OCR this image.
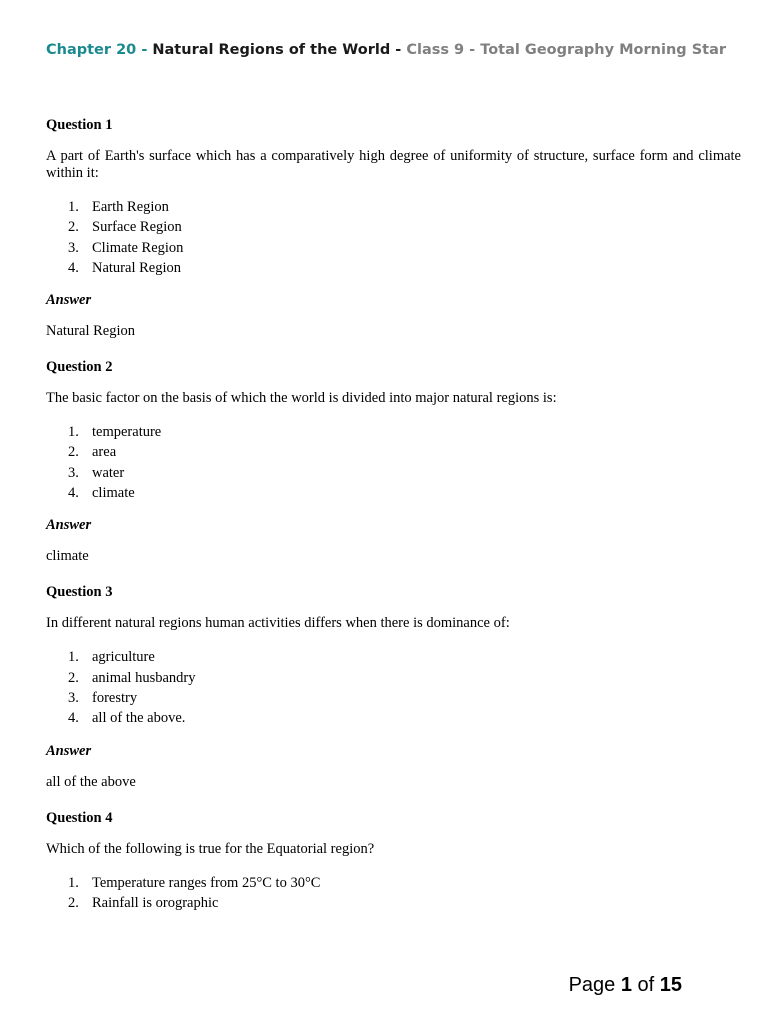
Chapter 20 - Natural Regions of the World - Class 9 - Total Geography Morning Star
Question 1
A part of Earth's surface which has a comparatively high degree of uniformity of structure, surface form and climate within it:
1. Earth Region
2. Surface Region
3. Climate Region
4. Natural Region
Answer
Natural Region
Question 2
The basic factor on the basis of which the world is divided into major natural regions is:
1. temperature
2. area
3. water
4. climate
Answer
climate
Question 3
In different natural regions human activities differs when there is dominance of:
1. agriculture
2. animal husbandry
3. forestry
4. all of the above.
Answer
all of the above
Question 4
Which of the following is true for the Equatorial region?
1. Temperature ranges from 25°C to 30°C
2. Rainfall is orographic
Page 1 of 15
